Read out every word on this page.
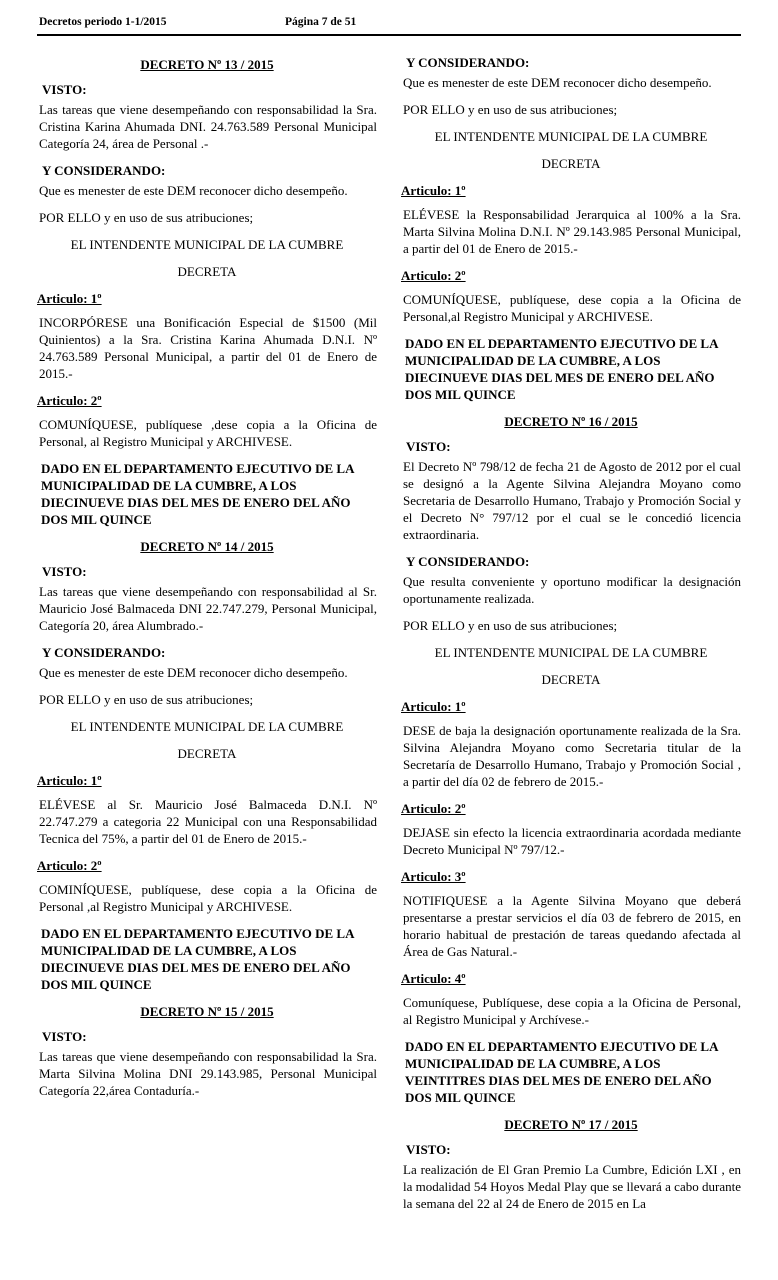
Decretos periodo 1-1/2015	Página 7 de 51
DECRETO Nº 13 / 2015
VISTO:
Las tareas que viene desempeñando con responsabilidad la Sra. Cristina Karina Ahumada DNI. 24.763.589 Personal Municipal Categoría 24, área de Personal .-
Y CONSIDERANDO:
Que es menester de este DEM reconocer dicho desempeño.
POR ELLO y en uso de sus atribuciones;
EL INTENDENTE MUNICIPAL DE LA CUMBRE
DECRETA
Articulo: 1º
INCORPÓRESE una Bonificación Especial de $1500 (Mil Quinientos) a la Sra. Cristina Karina Ahumada D.N.I. Nº 24.763.589 Personal Municipal, a partir del 01 de Enero de 2015.-
Articulo: 2º
COMUNÍQUESE, publíquese ,dese copia a la Oficina de Personal, al Registro Municipal y ARCHIVESE.
DADO EN EL DEPARTAMENTO EJECUTIVO DE LA MUNICIPALIDAD DE LA CUMBRE, A LOS DIECINUEVE DIAS DEL MES DE ENERO DEL AÑO DOS MIL QUINCE
DECRETO Nº 14 / 2015
VISTO:
Las tareas que viene desempeñando con responsabilidad al Sr. Mauricio José Balmaceda DNI 22.747.279, Personal Municipal, Categoría 20, área Alumbrado.-
Y CONSIDERANDO:
Que es menester de este DEM reconocer dicho desempeño.
POR ELLO y en uso de sus atribuciones;
EL INTENDENTE MUNICIPAL DE LA CUMBRE
DECRETA
Articulo: 1º
ELÉVESE al Sr. Mauricio José Balmaceda D.N.I. Nº 22.747.279 a categoria 22 Municipal con una Responsabilidad Tecnica del 75%, a partir del 01 de Enero de 2015.-
Articulo: 2º
COMINÍQUESE, publíquese, dese copia a la Oficina de Personal ,al Registro Municipal y ARCHIVESE.
DADO EN EL DEPARTAMENTO EJECUTIVO DE LA MUNICIPALIDAD DE LA CUMBRE, A LOS DIECINUEVE DIAS DEL MES DE ENERO DEL AÑO DOS MIL QUINCE
DECRETO Nº 15 / 2015
VISTO:
Las tareas que viene desempeñando con responsabilidad la Sra. Marta Silvina Molina DNI 29.143.985, Personal Municipal Categoría 22,área Contaduría.-
Y CONSIDERANDO:
Que es menester de este DEM reconocer dicho desempeño.
POR ELLO y en uso de sus atribuciones;
EL INTENDENTE MUNICIPAL DE LA CUMBRE
DECRETA
Articulo: 1º
ELÉVESE la Responsabilidad Jerarquica al 100% a la Sra. Marta Silvina Molina D.N.I. Nº 29.143.985 Personal Municipal, a partir del 01 de Enero de 2015.-
Articulo: 2º
COMUNÍQUESE, publíquese, dese copia a la Oficina de Personal,al Registro Municipal y ARCHIVESE.
DADO EN EL DEPARTAMENTO EJECUTIVO DE LA MUNICIPALIDAD DE LA CUMBRE, A LOS DIECINUEVE DIAS DEL MES DE ENERO DEL AÑO DOS MIL QUINCE
DECRETO Nº 16 / 2015
VISTO:
El Decreto Nº 798/12 de fecha 21 de Agosto de 2012 por el cual se designó a la Agente Silvina Alejandra Moyano como Secretaria de Desarrollo Humano, Trabajo y Promoción Social y el Decreto N° 797/12 por el cual se le concedió licencia extraordinaria.
Y CONSIDERANDO:
Que resulta conveniente y oportuno modificar la designación oportunamente realizada.
POR ELLO y en uso de sus atribuciones;
EL INTENDENTE MUNICIPAL DE LA CUMBRE
DECRETA
Articulo: 1º
DESE de baja la designación oportunamente realizada de la Sra. Silvina Alejandra Moyano como Secretaria titular de la Secretaría de Desarrollo Humano, Trabajo y Promoción Social , a partir del día 02 de febrero de 2015.-
Articulo: 2º
DEJASE sin efecto la licencia extraordinaria acordada mediante Decreto Municipal Nº 797/12.-
Articulo: 3º
NOTIFIQUESE a la Agente Silvina Moyano que deberá presentarse a prestar servicios el día 03 de febrero de 2015, en horario habitual de prestación de tareas quedando afectada al Área de Gas Natural.-
Articulo: 4º
Comuníquese, Publíquese, dese copia a la Oficina de Personal, al Registro Municipal y Archívese.-
DADO EN EL DEPARTAMENTO EJECUTIVO DE LA MUNICIPALIDAD DE LA CUMBRE, A LOS VEINTITRES DIAS DEL MES DE ENERO DEL AÑO DOS MIL QUINCE
DECRETO Nº 17 / 2015
VISTO:
La realización de El Gran Premio La Cumbre, Edición LXI , en la modalidad 54 Hoyos Medal Play que se llevará a cabo durante la semana del 22 al 24 de Enero de 2015 en La
